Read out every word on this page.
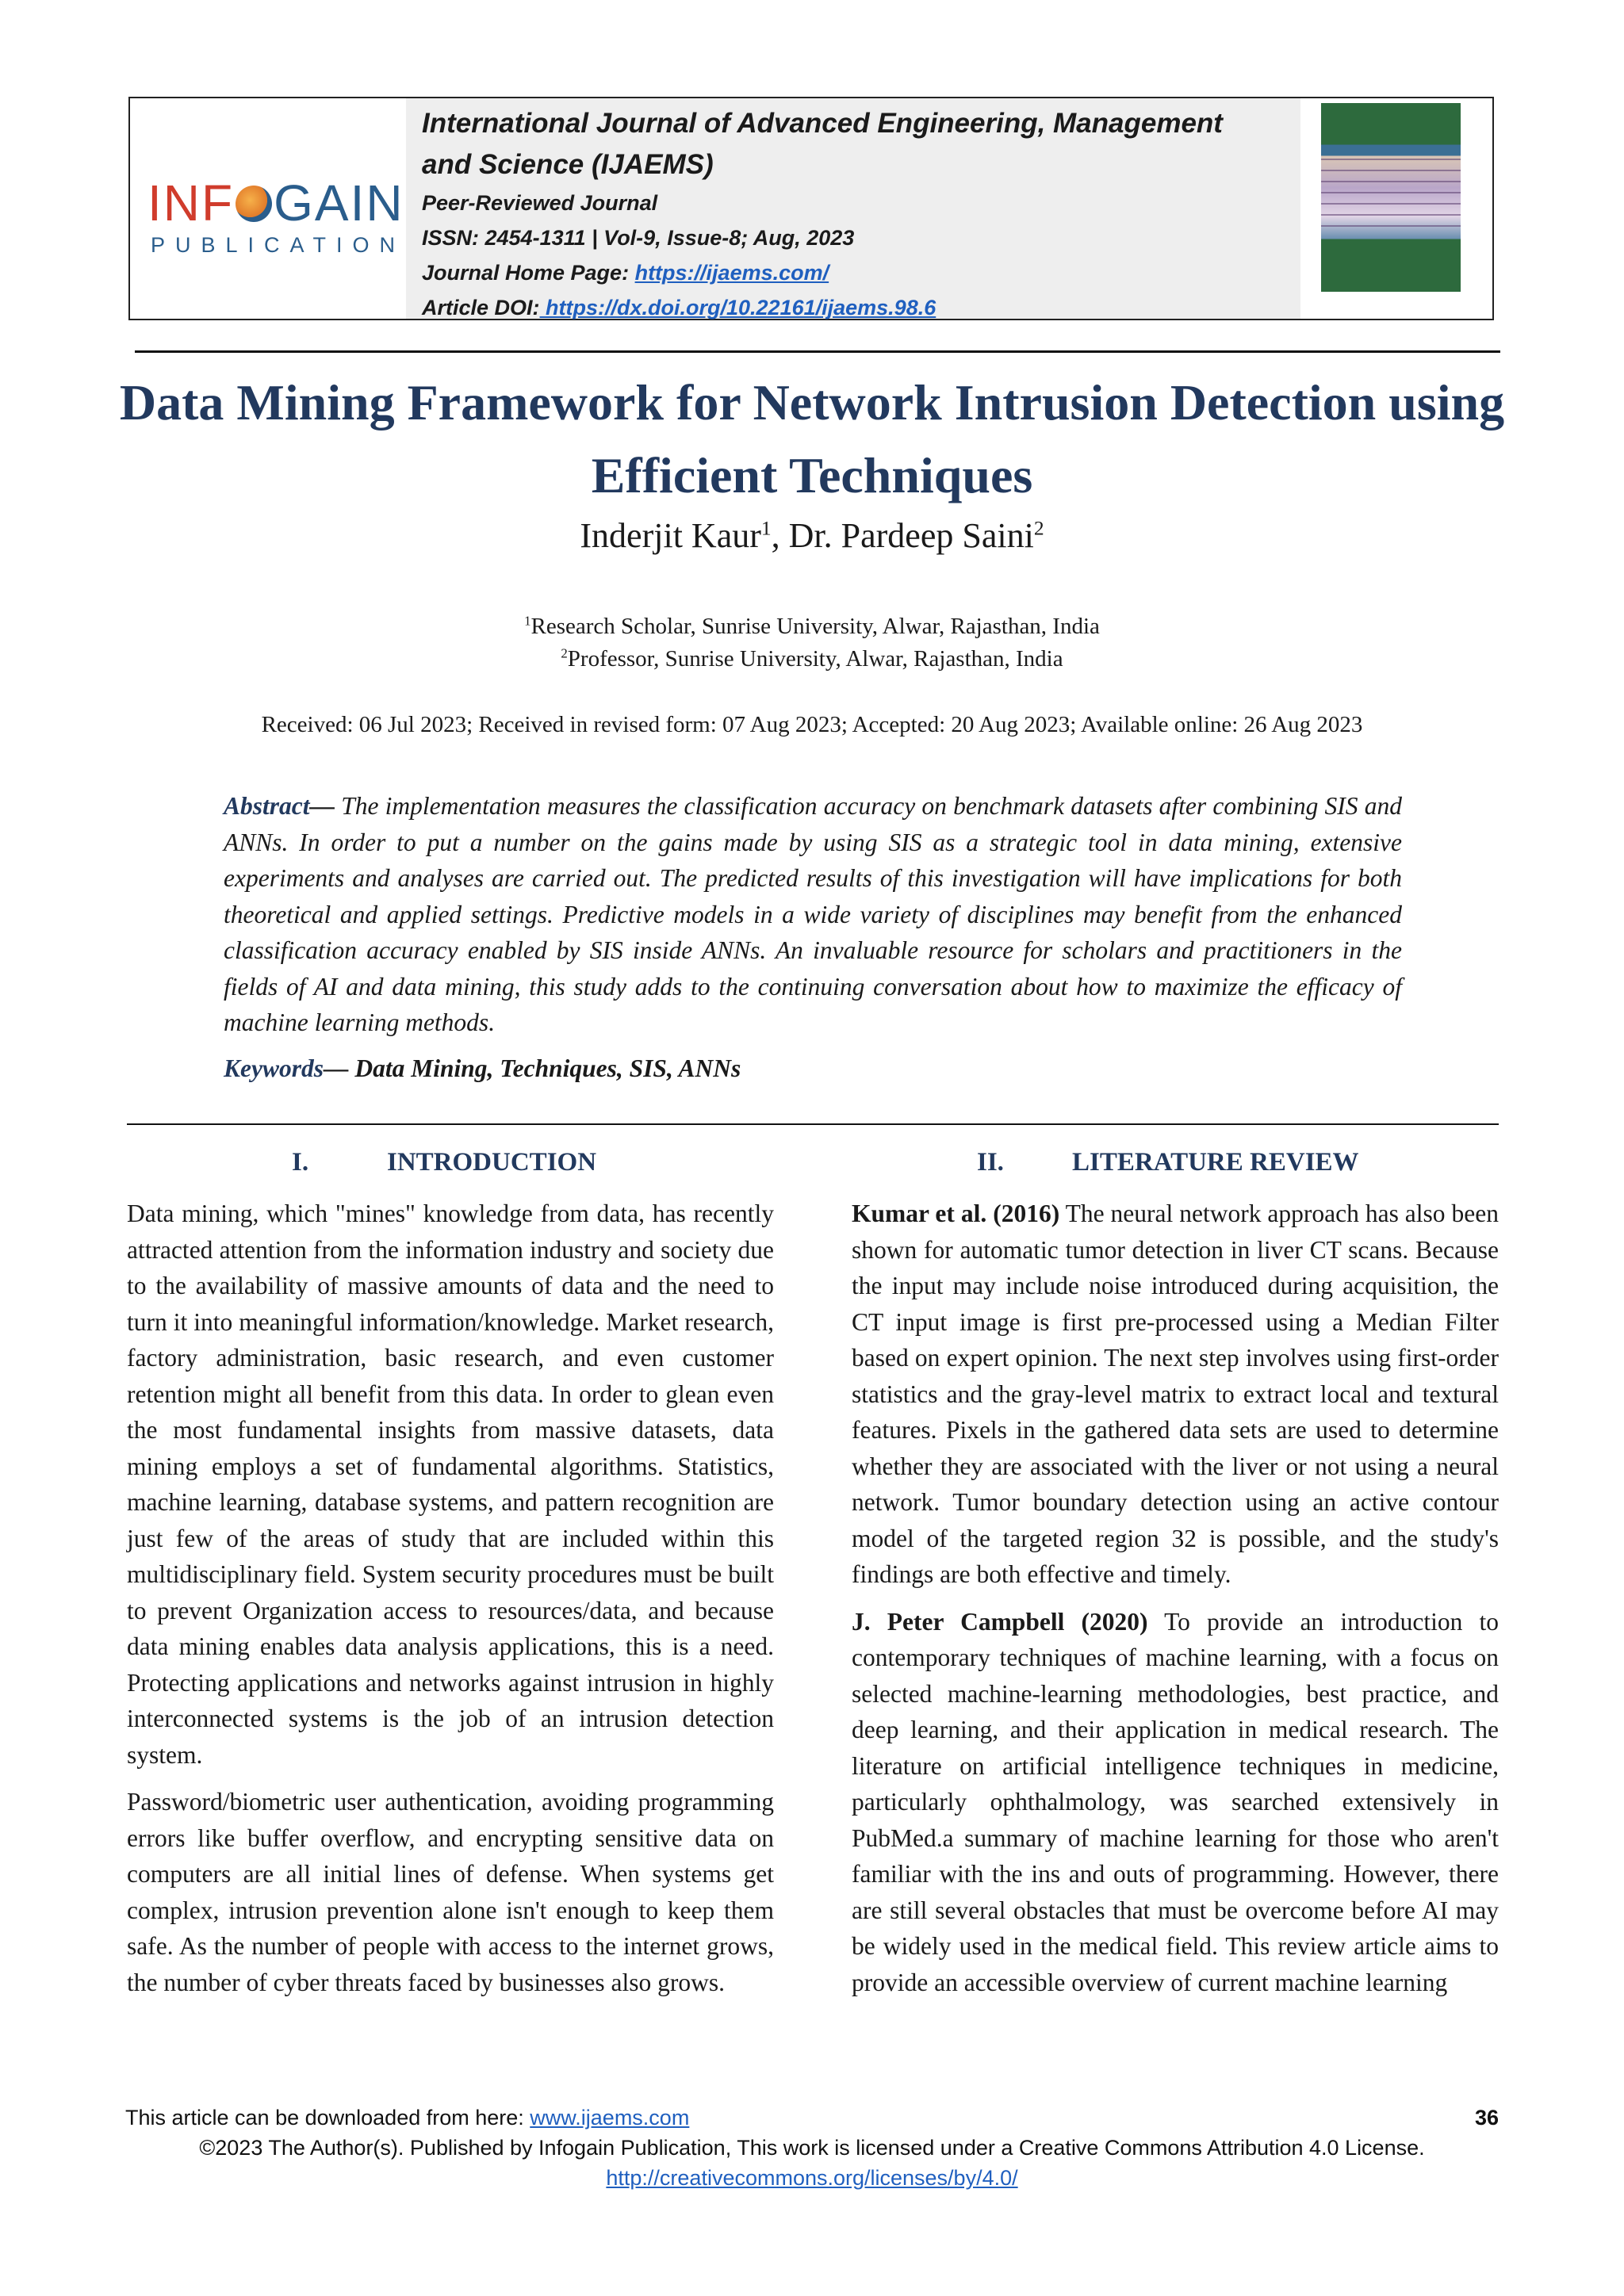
INF GAIN
PUBLICATION
International Journal of Advanced Engineering, Management and Science (IJAEMS)
Peer-Reviewed Journal
ISSN: 2454-1311 | Vol-9, Issue-8; Aug, 2023
Journal Home Page: https://ijaems.com/
Article DOI: https://dx.doi.org/10.22161/ijaems.98.6
Data Mining Framework for Network Intrusion Detection using Efficient Techniques
Inderjit Kaur$^1$, Dr. Pardeep Saini$^2$
$^1$Research Scholar, Sunrise University, Alwar, Rajasthan, India
$^2$Professor, Sunrise University, Alwar, Rajasthan, India
Received: 06 Jul 2023; Received in revised form: 07 Aug 2023; Accepted: 20 Aug 2023; Available online: 26 Aug 2023
Abstract— The implementation measures the classification accuracy on benchmark datasets after combining SIS and ANNs. In order to put a number on the gains made by using SIS as a strategic tool in data mining, extensive experiments and analyses are carried out. The predicted results of this investigation will have implications for both theoretical and applied settings. Predictive models in a wide variety of disciplines may benefit from the enhanced classification accuracy enabled by SIS inside ANNs. An invaluable resource for scholars and practitioners in the fields of AI and data mining, this study adds to the continuing conversation about how to maximize the efficacy of machine learning methods.
Keywords— Data Mining, Techniques, SIS, ANNs
I.	INTRODUCTION	II.	LITERATURE REVIEW

Data mining, which "mines" knowledge from data, has recently attracted attention from the information industry and society due to the availability of massive amounts of data and the need to turn it into meaningful information/knowledge. Market research, factory administration, basic research, and even customer retention might all benefit from this data. In order to glean even the most fundamental insights from massive datasets, data mining employs a set of fundamental algorithms. Statistics, machine learning, database systems, and pattern recognition are just few of the areas of study that are included within this multidisciplinary field. System security procedures must be built to prevent Organization access to resources/data, and because data mining enables data analysis applications, this is a need. Protecting applications and networks against intrusion in highly interconnected systems is the job of an intrusion detection system.

Password/biometric user authentication, avoiding programming errors like buffer overflow, and encrypting sensitive data on computers are all initial lines of defense. When systems get complex, intrusion prevention alone isn't enough to keep them safe. As the number of people with access to the internet grows, the number of cyber threats faced by businesses also grows.

Kumar et al. (2016) The neural network approach has also been shown for automatic tumor detection in liver CT scans. Because the input may include noise introduced during acquisition, the CT input image is first pre-processed using a Median Filter based on expert opinion. The next step involves using first-order statistics and the gray-level matrix to extract local and textural features. Pixels in the gathered data sets are used to determine whether they are associated with the liver or not using a neural network. Tumor boundary detection using an active contour model of the targeted region 32 is possible, and the study's findings are both effective and timely.

J. Peter Campbell (2020) To provide an introduction to contemporary techniques of machine learning, with a focus on selected machine-learning methodologies, best practice, and deep learning, and their application in medical research. The literature on artificial intelligence techniques in medicine, particularly ophthalmology, was searched extensively in PubMed.a summary of machine learning for those who aren't familiar with the ins and outs of programming. However, there are still several obstacles that must be overcome before AI may be widely used in the medical field. This review article aims to provide an accessible overview of current machine learning

This article can be downloaded from here: www.ijaems.com	36
©2023 The Author(s). Published by Infogain Publication, This work is licensed under a Creative Commons Attribution 4.0 License.
http://creativecommons.org/licenses/by/4.0/
